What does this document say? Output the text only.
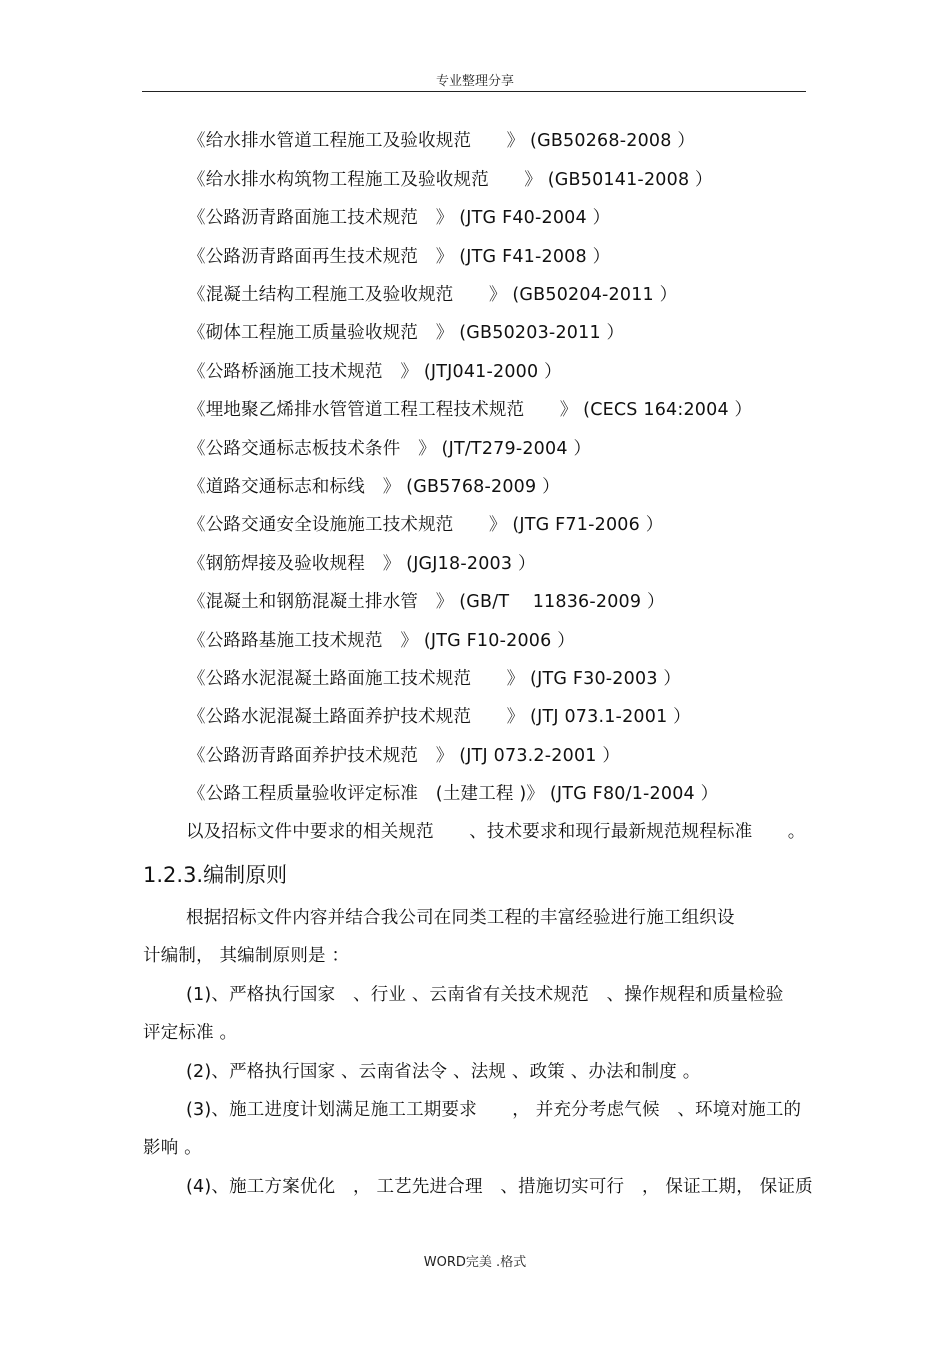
专业整理分享
《给水排水管道工程施工及验收规范　　》 (GB50268-2008 ）
《给水排水构筑物工程施工及验收规范　　》 (GB50141-2008 ）
《公路沥青路面施工技术规范　》 (JTG F40-2004 ）
《公路沥青路面再生技术规范　》 (JTG F41-2008 ）
《混凝土结构工程施工及验收规范　　》 (GB50204-2011 ）
《砌体工程施工质量验收规范　》 (GB50203-2011 ）
《公路桥涵施工技术规范　》 (JTJ041-2000 ）
《埋地聚乙烯排水管管道工程工程技术规范　　》 (CECS 164:2004 ）
《公路交通标志板技术条件　》 (JT/T279-2004 ）
《道路交通标志和标线　》 (GB5768-2009 ）
《公路交通安全设施施工技术规范　　》 (JTG F71-2006 ）
《钢筋焊接及验收规程　》 (JGJ18-2003 ）
《混凝土和钢筋混凝土排水管　》 (GB/T　 11836-2009 ）
《公路路基施工技术规范　》 (JTG F10-2006 ）
《公路水泥混凝土路面施工技术规范　　》 (JTG F30-2003 ）
《公路水泥混凝土路面养护技术规范　　》 (JTJ 073.1-2001 ）
《公路沥青路面养护技术规范　》 (JTJ 073.2-2001 ）
《公路工程质量验收评定标准　(土建工程 )》 (JTG F80/1-2004 ）
以及招标文件中要求的相关规范　　、技术要求和现行最新规范规程标准　　。
1.2.3.编制原则
根据招标文件内容并结合我公司在同类工程的丰富经验进行施工组织设
计编制， 其编制原则是 ：
(1)、严格执行国家　、行业 、云南省有关技术规范　、操作规程和质量检验
评定标准 。
(2)、严格执行国家 、云南省法令 、法规 、政策 、办法和制度 。
(3)、施工进度计划满足施工工期要求　　， 并充分考虑气候　、环境对施工的
影响 。
(4)、施工方案优化　， 工艺先进合理　、措施切实可行　， 保证工期， 保证质
WORD完美 .格式
